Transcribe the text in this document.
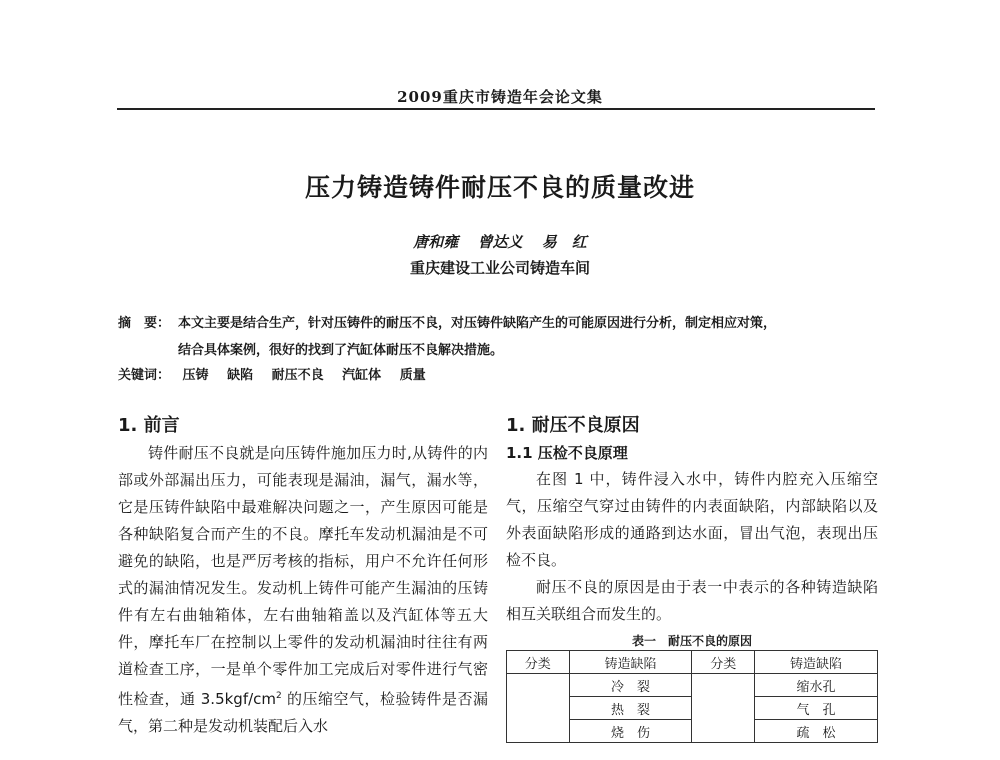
2009重庆市铸造年会论文集
压力铸造铸件耐压不良的质量改进
唐和雍 曾达义 易　红
重庆建设工业公司铸造车间
摘　要： 本文主要是结合生产，针对压铸件的耐压不良，对压铸件缺陷产生的可能原因进行分析，制定相应对策，
结合具体案例，很好的找到了汽缸体耐压不良解决措施。
关键词： 压铸 缺陷 耐压不良 汽缸体 质量
1. 前言

铸件耐压不良就是向压铸件施加压力时,从铸件的内部或外部漏出压力，可能表现是漏油，漏气，漏水等，它是压铸件缺陷中最难解决问题之一，产生原因可能是各种缺陷复合而产生的不良。摩托车发动机漏油是不可避免的缺陷，也是严厉考核的指标，用户不允许任何形式的漏油情况发生。发动机上铸件可能产生漏油的压铸件有左右曲轴箱体，左右曲轴箱盖以及汽缸体等五大件，摩托车厂在控制以上零件的发动机漏油时往往有两道检查工序，一是单个零件加工完成后对零件进行气密性检查，通 $3.5kgf/cm^2$ 的压缩空气，检验铸件是否漏气，第二种是发动机装配后入水

1. 耐压不良原因
1.1 压检不良原理

在图 1 中，铸件浸入水中，铸件内腔充入压缩空气，压缩空气穿过由铸件的内表面缺陷，内部缺陷以及外表面缺陷形成的通路到达水面，冒出气泡，表现出压检不良。

耐压不良的原因是由于表一中表示的各种铸造缺陷相互关联组合而发生的。

表一　耐压不良的原因
分类	铸造缺陷	分类	铸造缺陷
	冷　裂		缩水孔
	热　裂		气　孔
	烧　伤		疏　松
